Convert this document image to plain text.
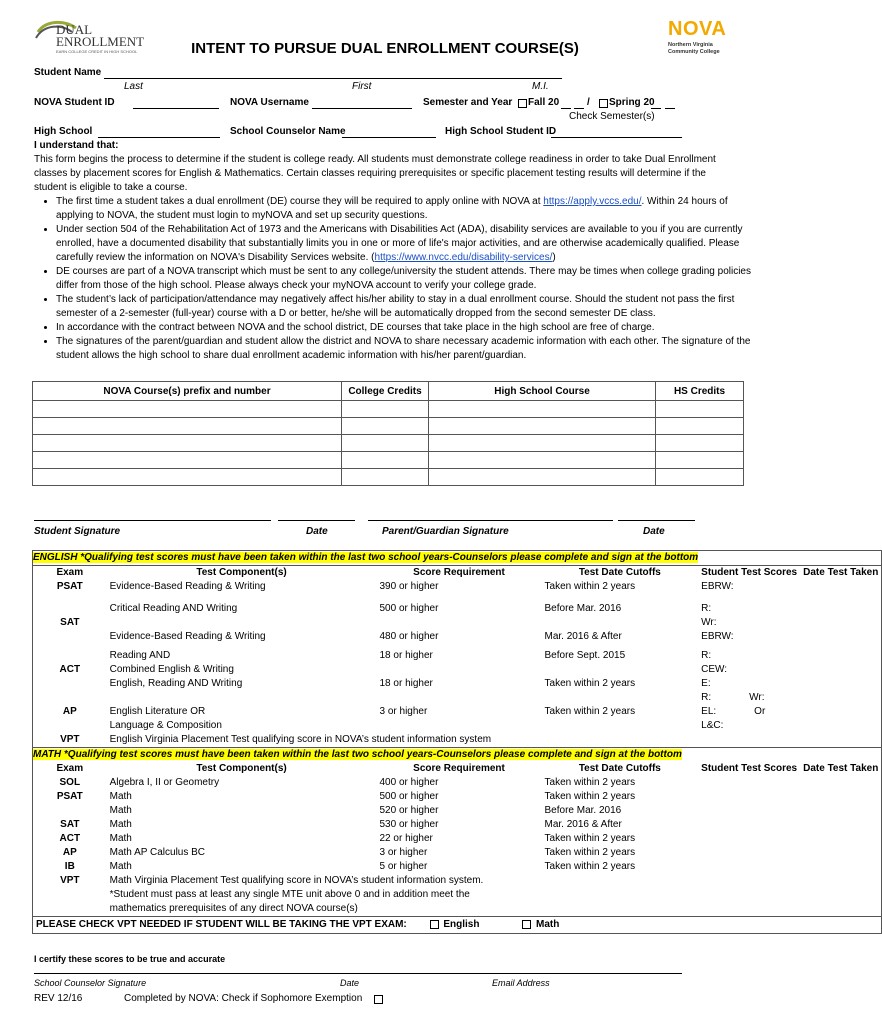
DUAL
ENROLLMENT
EARN COLLEGE CREDIT IN HIGH SCHOOL
NOVA
Northern Virginia
Community College
INTENT TO PURSUE DUAL ENROLLMENT COURSE(S)
Student Name
Last	First	M.I.
NOVA Student ID	NOVA Username	Semester and Year Fall 20	/ Spring 20
Check Semester(s)
High School	School Counselor Name	High School Student ID
I understand that:
This form begins the process to determine if the student is college ready. All students must demonstrate college readiness in order to take Dual Enrollment classes by placement scores for English & Mathematics. Certain classes requiring prerequisites or specific placement testing results will determine if the student is eligible to take a course.
• The first time a student takes a dual enrollment (DE) course they will be required to apply online with NOVA at https://apply.vccs.edu/. Within 24 hours of applying to NOVA, the student must login to myNOVA and set up security questions.
• Under section 504 of the Rehabilitation Act of 1973 and the Americans with Disabilities Act (ADA), disability services are available to you if you are currently enrolled, have a documented disability that substantially limits you in one or more of life's major activities, and are otherwise academically qualified. Please carefully review the information on NOVA's Disability Services website. (https://www.nvcc.edu/disability-services/)
• DE courses are part of a NOVA transcript which must be sent to any college/university the student attends. There may be times when college grading policies differ from those of the high school. Please always check your myNOVA account to verify your college grade.
• The student’s lack of participation/attendance may negatively affect his/her ability to stay in a dual enrollment course. Should the student not pass the first semester of a 2-semester (full-year) course with a D or better, he/she will be automatically dropped from the second semester DE class.
• In accordance with the contract between NOVA and the school district, DE courses that take place in the high school are free of charge.
• The signatures of the parent/guardian and student allow the district and NOVA to share necessary academic information with each other. The signature of the student allows the high school to share dual enrollment academic information with his/her parent/guardian.
NOVA Course(s) prefix and number	College Credits	High School Course	HS Credits

Student Signature	Date	Parent/Guardian Signature	Date
ENGLISH *Qualifying test scores must have been taken within the last two school years-Counselors please complete and sign at the bottom					
Exam	Test Component(s)	Score Requirement	Test Date Cutoffs	Student Test Scores	Date Test Taken
PSAT	Evidence-Based Reading & Writing	390 or higher	Taken within 2 years	EBRW:	

	Critical Reading AND Writing	500 or higher	Before Mar. 2016	R:	
SAT				Wr:	
	Evidence-Based Reading & Writing	480 or higher	Mar. 2016 & After	EBRW:	

	Reading AND	18 or higher	Before Sept. 2015	R:	
ACT	Combined English & Writing			CEW:	
	English, Reading AND Writing	18 or higher	Taken within 2 years	E:	
				R: Wr:	
AP	English Literature OR	3 or higher	Taken within 2 years	EL: Or	
	Language & Composition			L&C:	
VPT	English Virginia Placement Test qualifying score in NOVA’s student information system				
MATH *Qualifying test scores must have been taken within the last two school years-Counselors please complete and sign at the bottom					
Exam	Test Component(s)	Score Requirement	Test Date Cutoffs	Student Test Scores	Date Test Taken
SOL	Algebra I, II or Geometry	400 or higher	Taken within 2 years		
PSAT	Math	500 or higher	Taken within 2 years		
	Math	520 or higher	Before Mar. 2016		
SAT	Math	530 or higher	Mar. 2016 & After		
ACT	Math	22 or higher	Taken within 2 years		
AP	Math AP Calculus BC	3 or higher	Taken within 2 years		
IB	Math	5 or higher	Taken within 2 years		
VPT	Math Virginia Placement Test qualifying score in NOVA’s student information system.				
	*Student must pass at least any single MTE unit above 0 and in addition meet the				
	mathematics prerequisites of any direct NOVA course(s)				
PLEASE CHECK VPT NEEDED IF STUDENT WILL BE TAKING THE VPT EXAM: English Math					
I certify these scores to be true and accurate
School Counselor Signature	Date	Email Address
REV 12/16	Completed by NOVA: Check if Sophomore Exemption
